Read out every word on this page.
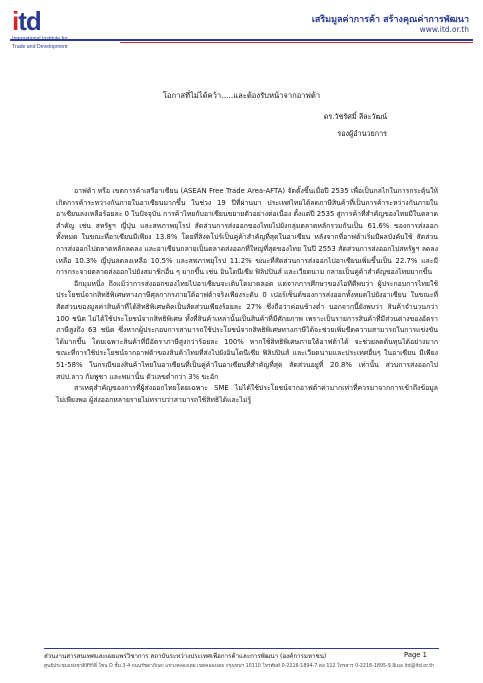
itd
Trade and Development
เสริมมูลค่าการค้า สร้างคุณค่าการพัฒนา
www.itd.or.th
โอกาสที่ไม่ได้คว้า.....และต้องรับหน้าจากอาฟต้า
ดร.วัชรัศมิ์ ลีละวัฒน์
รองผู้อำนวยการ

อาฟต้า หรือ เขตการค้าเสรีอาเซียน (ASEAN Free Trade Area-AFTA) จัดตั้งขึ้นเมื่อปี 2535 เพื่อเป็นกลไกในการกระตุ้นให้เกิดการค้าระหว่างกันภายในอาเซียนมากขึ้น ในช่วง 19 ปีที่ผ่านมา ประเทศไทยได้ลดภาษีสินค้าที่เป็นการค้าระหว่างกันภายในอาเซียนลงเหลือร้อยละ 0 ในปัจจุบัน การค้าไทยกับอาเซียนขยายตัวอย่างต่อเนื่อง ตั้งแต่ปี 2535 สู่การค้าที่สำคัญของไทยมีในตลาดสำคัญ เช่น สหรัฐฯ ญี่ปุ่น และสหภาพยุโรป สัดส่วนการส่งออกของไทยไปยังกลุ่มตลาดหลักรวมกันเป็น 61.6% ของการส่งออกทั้งหมด ในขณะที่อาเซียนมีเพียง 13.8% โดยที่สิงคโปร์เป็นคู่ค้าสำคัญที่สุดในอาเซียน หลังจากที่อาฟต้าเริ่มมีผลบังคับใช้ สัดส่วนการส่งออกไปตลาดหลักลดลง และอาเซียนกลายเป็นตลาดส่งออกที่ใหญ่ที่สุดของไทย ในปี 2553 สัดส่วนการส่งออกไปสหรัฐฯ ลดลงเหลือ 10.3% ญี่ปุ่นลดลงเหลือ 10.5% และสหภาพยุโรป 11.2% ขณะที่สัดส่วนการส่งออกไปอาเซียนเพิ่มขึ้นเป็น 22.7% และมีการกระจายตลาดส่งออกไปยังสมาชิกอื่น ๆ มากขึ้น เช่น อินโดนีเซีย ฟิลิปปินส์ และเวียดนาม กลายเป็นคู่ค้าสำคัญของไทยมากขึ้น

อีกมุมหนึ่ง ถึงแม้ว่าการส่งออกของไทยไปอาเซียนจะเติบโตมาตลอด แต่จากการศึกษาของไอทีดีพบว่า ผู้ประกอบการไทยใช้ประโยชน์จากสิทธิพิเศษทางภาษีศุลกากรภายใต้อาฟต้าจริงเพียงระดับ 0 เปอร์เซ็นต์ของการส่งออกทั้งหมดไปยังอาเซียน ในขณะที่สัดส่วนของมูลค่าสินค้าที่ได้สิทธิพิเศษคิดเป็นสัดส่วนเพียงร้อยละ 27% ซึ่งถือว่าค่อนข้างต่ำ นอกจากนี้ยังพบว่า สินค้าจำนวนกว่า 100 ชนิด ไม่ได้ใช้ประโยชน์จากสิทธิพิเศษ ทั้งที่สินค้าเหล่านั้นเป็นสินค้าที่มีศักยภาพ เพราะเป็นรายการสินค้าที่มีส่วนต่างของอัตราภาษีสูงถึง 63 ชนิด ซึ่งหากผู้ประกอบการสามารถใช้ประโยชน์จากสิทธิพิเศษทางภาษีได้จะช่วยเพิ่มขีดความสามารถในการแข่งขันได้มากขึ้น โดยเฉพาะสินค้าที่มีอัตราภาษีสูงกว่าร้อยละ 100% หากใช้สิทธิพิเศษภายใต้อาฟต้าได้ จะช่วยลดต้นทุนได้อย่างมาก ขณะที่การใช้ประโยชน์จากอาฟต้าของสินค้าไทยที่ส่งไปยังอินโดนีเซีย ฟิลิปปินส์ และเวียดนามและประเทศอื่นๆ ในอาเซียน มีเพียง 51-58% ในกรณีของสินค้าไทยในอาเซียนที่เป็นคู่ค้าในอาเซียนที่สำคัญที่สุด สัดส่วนอยู่ที่ 20.8% เท่านั้น ส่วนการส่งออกไป สปป.ลาว กัมพูชา และพม่านั้น ตัวเลขต่ำกว่า 3% ขะอัก

สาเหตุสำคัญของการที่ผู้ส่งออกไทยโดยเฉพาะ SME ไม่ได้ใช้ประโยชน์จากอาฟต้าค่ามากเท่าที่ควรมาจากการเข้าถึงข้อมูลไม่เพียงพอ ผู้ส่งออกหลายรายไม่ทราบว่าสามารถใช้สิทธิได้และไม่รู้

ส่วนงานสารสนเทศและเผยแพร่วิชาการ สถาบันระหว่างประเทศเพื่อการค้าและการพัฒนา (องค์การมหาชน)
ศูนย์ประชุมแห่งชาติสิริกิติ์ โซน D ชั้น 3-4 ถนนรัชดาภิเษก แขวงคลองเตย เขตคลองเตย กรุงเทพฯ 10110 โทรศัพท์ 0-2216-1894-7 ต่อ 112 โทรสาร 0-2216-1895-9 อีเมล itd@itd.or.th
Page 1
